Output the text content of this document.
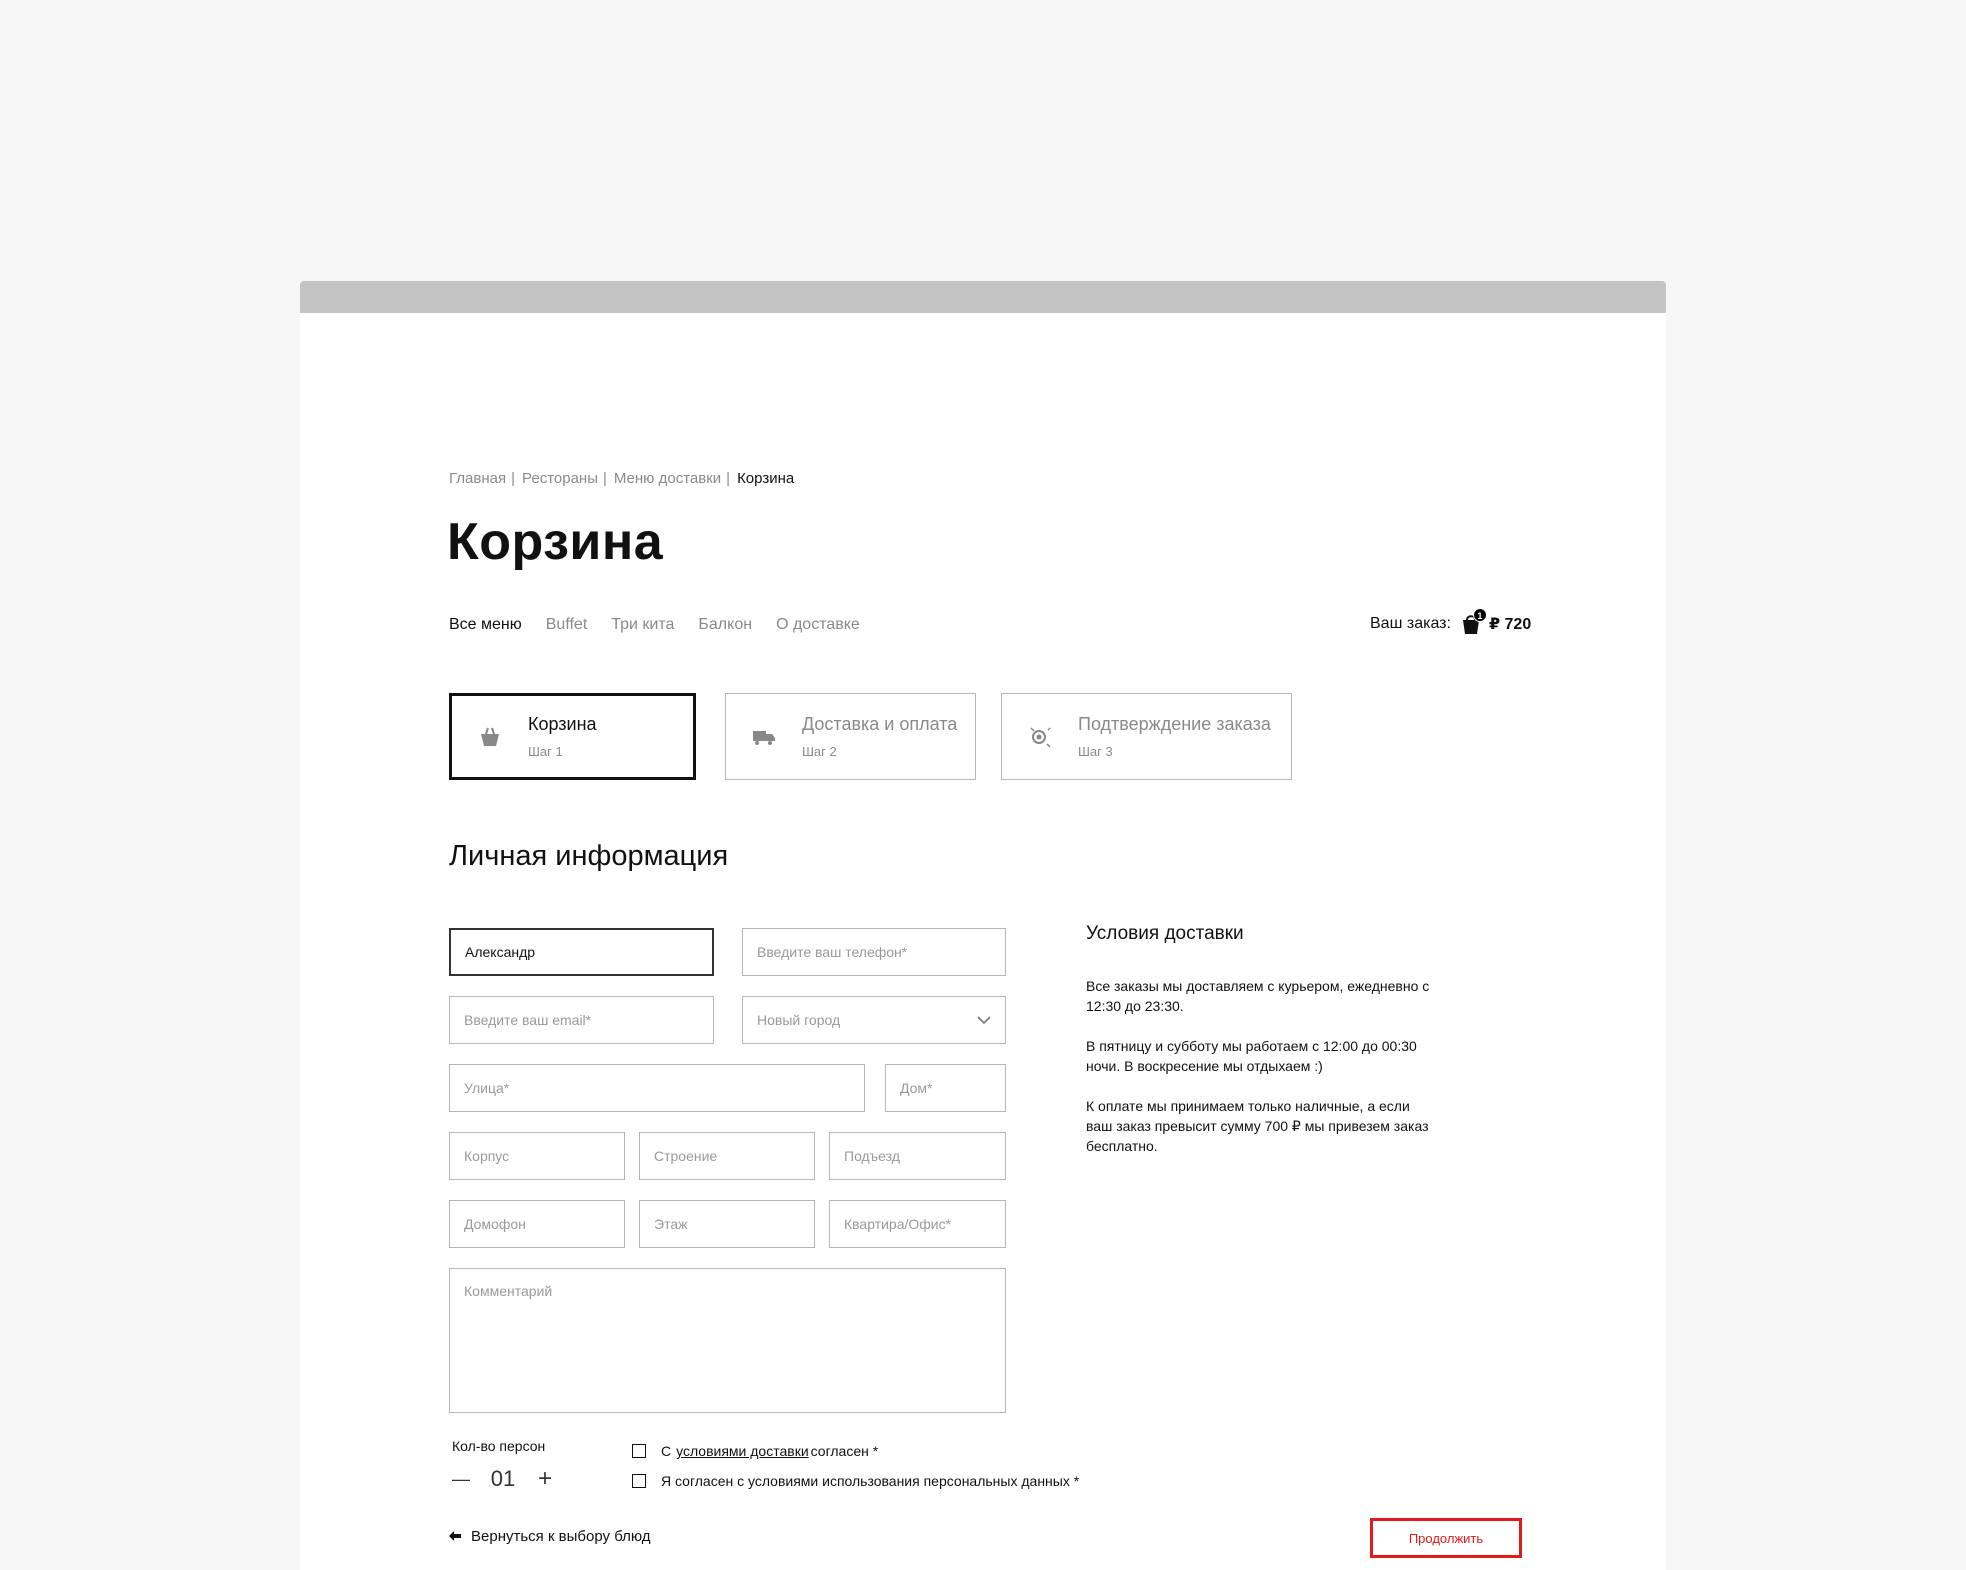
Главная | Рестораны | Меню доставки | Корзина
Корзина
Все меню Buffet Три кита Балкон О доставке	Ваш заказ:	1 ₽ 720
Корзина
Шаг 1
Доставка и оплата
Шаг 2
Подтверждение заказа
Шаг 3
Личная информация
Александр
Введите ваш телефон*
Введите ваш email*
Новый город
Улица*
Дом*
Корпус
Строение
Подъезд
Домофон
Этаж
Квартира/Офис*
Комментарий
Условия доставки

Все заказы мы доставляем с курьером, ежедневно с 12:30 до 23:30.

В пятницу и субботу мы работаем с 12:00 до 00:30 ночи. В воскресение мы отдыхаем :)

К оплате мы принимаем только наличные, а если ваш заказ превысит сумму 700 ₽ мы привезем заказ бесплатно.

Кол-во персон
— 01 +
С условиями доставки согласен *
Я согласен с условиями использования персональных данных *
Вернуться к выбору блюд	Продолжить
